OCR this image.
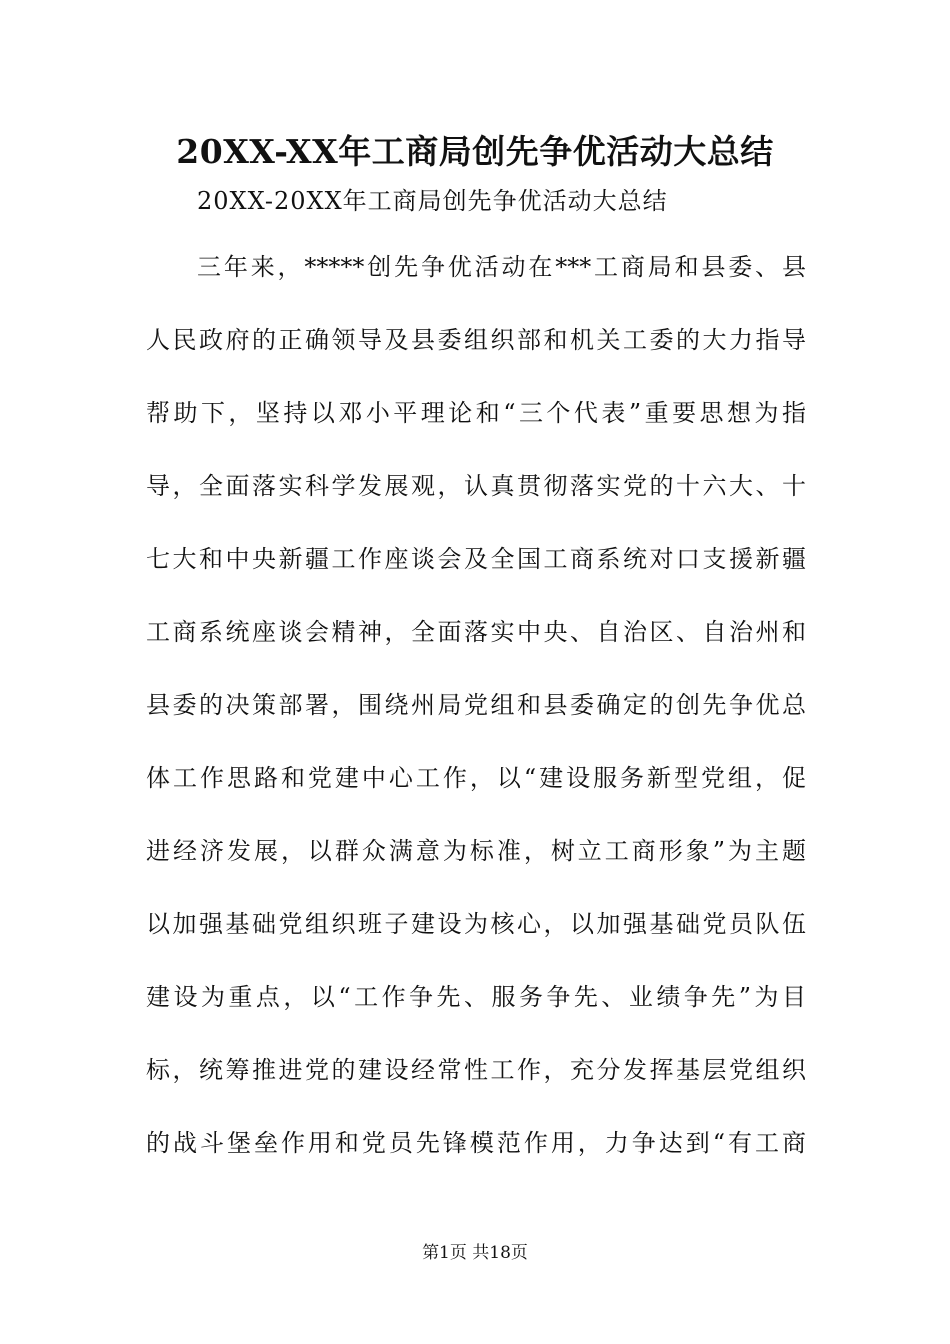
20XX-XX年工商局创先争优活动大总结
20XX-20XX年工商局创先争优活动大总结
三年来，*****创先争优活动在***工商局和县委、县
人民政府的正确领导及县委组织部和机关工委的大力指导
帮助下，坚持以邓小平理论和“三个代表”重要思想为指
导，全面落实科学发展观，认真贯彻落实党的十六大、十
七大和中央新疆工作座谈会及全国工商系统对口支援新疆
工商系统座谈会精神，全面落实中央、自治区、自治州和
县委的决策部署，围绕州局党组和县委确定的创先争优总
体工作思路和党建中心工作，以“建设服务新型党组，促
进经济发展，以群众满意为标准，树立工商形象”为主题
以加强基础党组织班子建设为核心，以加强基础党员队伍
建设为重点，以“工作争先、服务争先、业绩争先”为目
标，统筹推进党的建设经常性工作，充分发挥基层党组织
的战斗堡垒作用和党员先锋模范作用，力争达到“有工商
第1页 共18页
